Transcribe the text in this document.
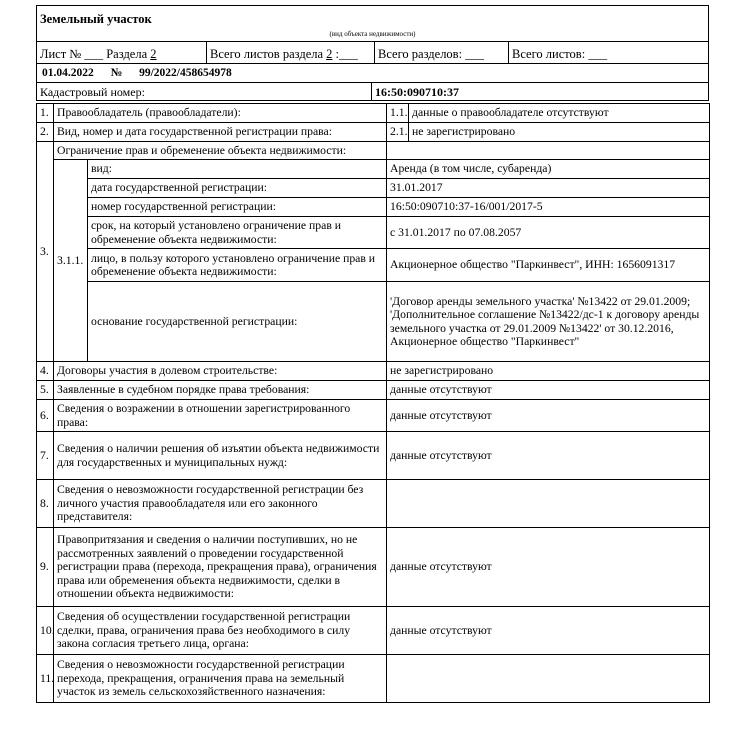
Земельный участок
(вид объекта недвижимости)
Лист № ___ Раздела 2	Всего листов раздела 2 :___	Всего разделов: ___	Всего листов: ___
01.04.2022 № 99/2022/458654978
Кадастровый номер:	16:50:090710:37
1.	Правообладатель (правообладатели):		1.1.	данные о правообладателе отсутствуют
2.	Вид, номер и дата государственной регистрации права:		2.1.	не зарегистрировано
3.	Ограничение прав и обременение объекта недвижимости:			
	3.1.1.	вид:	Аренда (в том числе, субаренда)	
		дата государственной регистрации:	31.01.2017	
		номер государственной регистрации:	16:50:090710:37-16/001/2017-5	
		срок, на который установлено ограничение прав и обременение объекта недвижимости:	с 31.01.2017 по 07.08.2057	
		лицо, в пользу которого установлено ограничение прав и обременение объекта недвижимости:	Акционерное общество "Паркинвест", ИНН: 1656091317	
		основание государственной регистрации:	'Договор аренды земельного участка' №13422 от 29.01.2009; 'Дополнительное соглашение №13422/дс-1 к договору аренды земельного участка от 29.01.2009 №13422' от 30.12.2016, Акционерное общество "Паркинвест"	
4.	Договоры участия в долевом строительстве:		не зарегистрировано	
5.	Заявленные в судебном порядке права требования:		данные отсутствуют	
6.	Сведения о возражении в отношении зарегистрированного права:		данные отсутствуют	
7.	Сведения о наличии решения об изъятии объекта недвижимости для государственных и муниципальных нужд:		данные отсутствуют	
8.	Сведения о невозможности государственной регистрации без личного участия правообладателя или его законного представителя:			
9.	Правопритязания и сведения о наличии поступивших, но не рассмотренных заявлений о проведении государственной регистрации права (перехода, прекращения права), ограничения права или обременения объекта недвижимости, сделки в отношении объекта недвижимости:		данные отсутствуют	
10.	Сведения об осуществлении государственной регистрации сделки, права, ограничения права без необходимого в силу закона согласия третьего лица, органа:		данные отсутствуют	
11.	Сведения о невозможности государственной регистрации перехода, прекращения, ограничения права на земельный участок из земель сельскохозяйственного назначения:			
